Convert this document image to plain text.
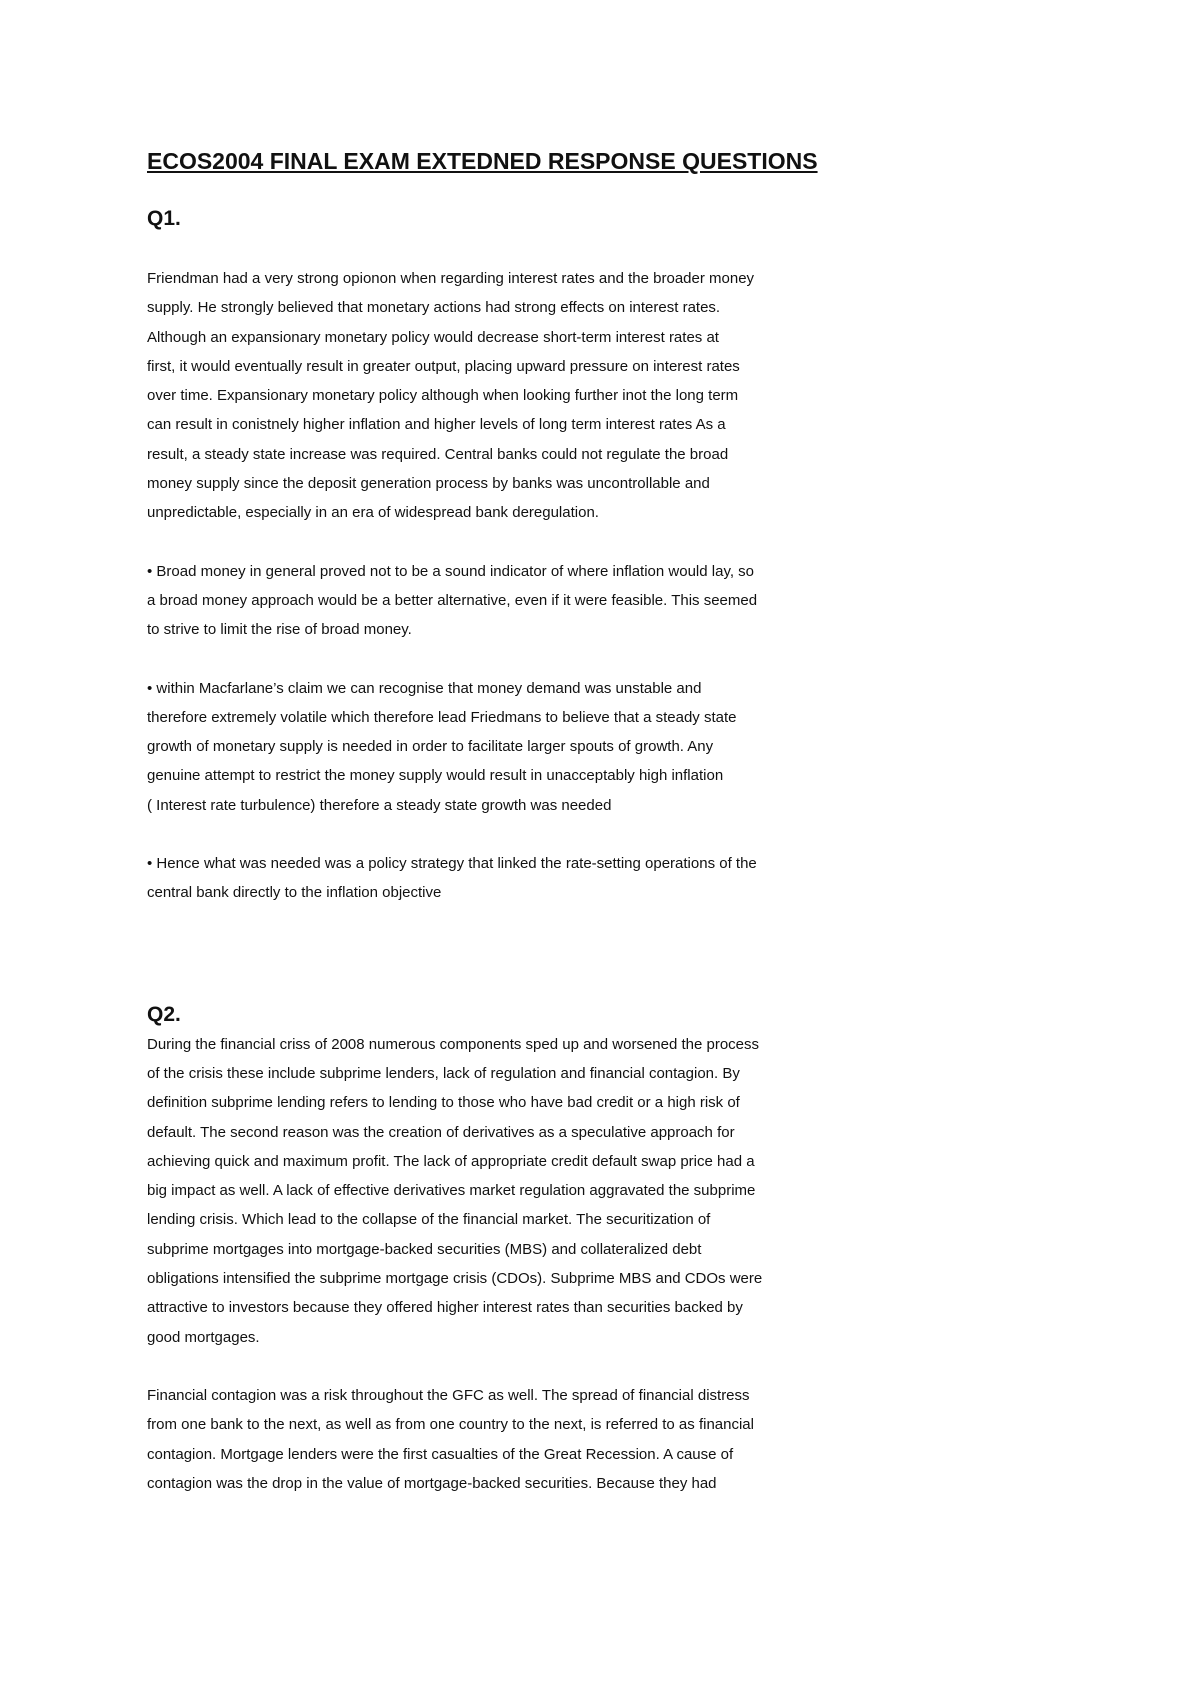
ECOS2004 FINAL EXAM EXTEDNED RESPONSE QUESTIONS
Q1.
Friendman had a very strong opionon when regarding interest rates and the broader money
supply. He strongly believed that monetary actions had strong effects on interest rates.
Although an expansionary monetary policy would decrease short-term interest rates at
first, it would eventually result in greater output, placing upward pressure on interest rates
over time. Expansionary monetary policy although when looking further inot the long term
can result in conistnely higher inflation and higher levels of long term interest rates As a
result, a steady state increase was required. Central banks could not regulate the broad
money supply since the deposit generation process by banks was uncontrollable and
unpredictable, especially in an era of widespread bank deregulation.
• Broad money in general proved not to be a sound indicator of where inflation would lay, so
a broad money approach would be a better alternative, even if it were feasible. This seemed
to strive to limit the rise of broad money.
• within Macfarlane’s claim we can recognise that money demand was unstable and
therefore extremely volatile which therefore lead Friedmans to believe that a steady state
growth of monetary supply is needed in order to facilitate larger spouts of growth. Any
genuine attempt to restrict the money supply would result in unacceptably high inflation
( Interest rate turbulence) therefore a steady state growth was needed
• Hence what was needed was a policy strategy that linked the rate-setting operations of the
central bank directly to the inflation objective
Q2.
During the financial criss of 2008 numerous components sped up and worsened the process
of the crisis these include subprime lenders, lack of regulation and financial contagion. By
definition subprime lending refers to lending to those who have bad credit or a high risk of
default. The second reason was the creation of derivatives as a speculative approach for
achieving quick and maximum profit. The lack of appropriate credit default swap price had a
big impact as well. A lack of effective derivatives market regulation aggravated the subprime
lending crisis. Which lead to the collapse of the financial market. The securitization of
subprime mortgages into mortgage-backed securities (MBS) and collateralized debt
obligations intensified the subprime mortgage crisis (CDOs). Subprime MBS and CDOs were
attractive to investors because they offered higher interest rates than securities backed by
good mortgages.
Financial contagion was a risk throughout the GFC as well. The spread of financial distress
from one bank to the next, as well as from one country to the next, is referred to as financial
contagion. Mortgage lenders were the first casualties of the Great Recession. A cause of
contagion was the drop in the value of mortgage-backed securities. Because they had
